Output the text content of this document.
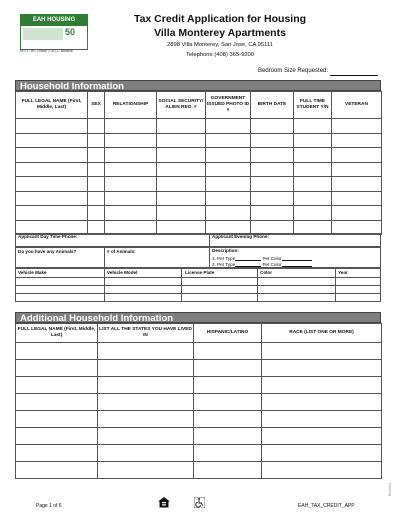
EAH HOUSING
50
HI CL: RE-10885 | CA LL: 855806
Tax Credit Application for Housing
Villa Monterey Apartments
2898 Villa Monterey, San Jose, CA 95111
Telephone (408) 365-9200
Bedroom Size Requested:
Household Information
FULL LEGAL NAME (First, Middle, Last)	SEX	RELATIONSHIP	SOCIAL SECURITY/ ALIEN REG. #	GOVERNMENT ISSUED PHOTO ID #	BIRTH DATE	FULL TIME STUDENT Y/N	VETERAN

Applicant Day Time Phone:	Applicant Evening Phone:
Do you have any Animals?	# of Animals:	Description:
1. Pet Type	Pet Color
2. Pet Type	Pet Color
Vehicle Make	Vehicle Model	License Plate	Color	Year
Additional Household Information
FULL LEGAL NAME (First, Middle, Last)	LIST ALL THE STATES YOU HAVE LIVED IN	HISPANIC/LATINO	RACE (LIST ONE OR MORE)

Page 1 of 6	EAH_TAX_CREDIT_APP
Revised
